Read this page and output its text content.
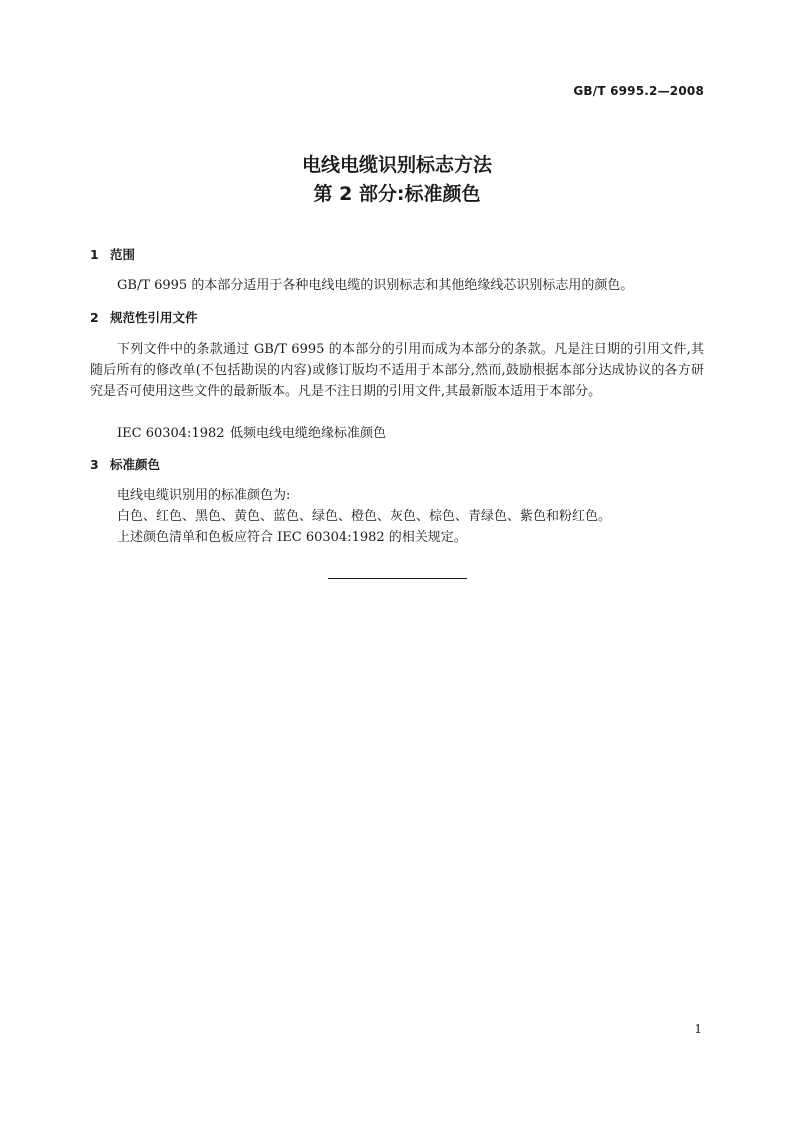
GB/T 6995.2—2008
电线电缆识别标志方法
第 2 部分:标准颜色
1 范围

GB/T 6995 的本部分适用于各种电线电缆的识别标志和其他绝缘线芯识别标志用的颜色。

2 规范性引用文件

下列文件中的条款通过 GB/T 6995 的本部分的引用而成为本部分的条款。凡是注日期的引用文件,其随后所有的修改单(不包括勘误的内容)或修订版均不适用于本部分,然而,鼓励根据本部分达成协议的各方研究是否可使用这些文件的最新版本。凡是不注日期的引用文件,其最新版本适用于本部分。

IEC 60304:1982 低频电线电缆绝缘标准颜色
3 标准颜色
电线电缆识别用的标准颜色为:
白色、红色、黑色、黄色、蓝色、绿色、橙色、灰色、棕色、青绿色、紫色和粉红色。
上述颜色清单和色板应符合 IEC 60304:1982 的相关规定。
1
